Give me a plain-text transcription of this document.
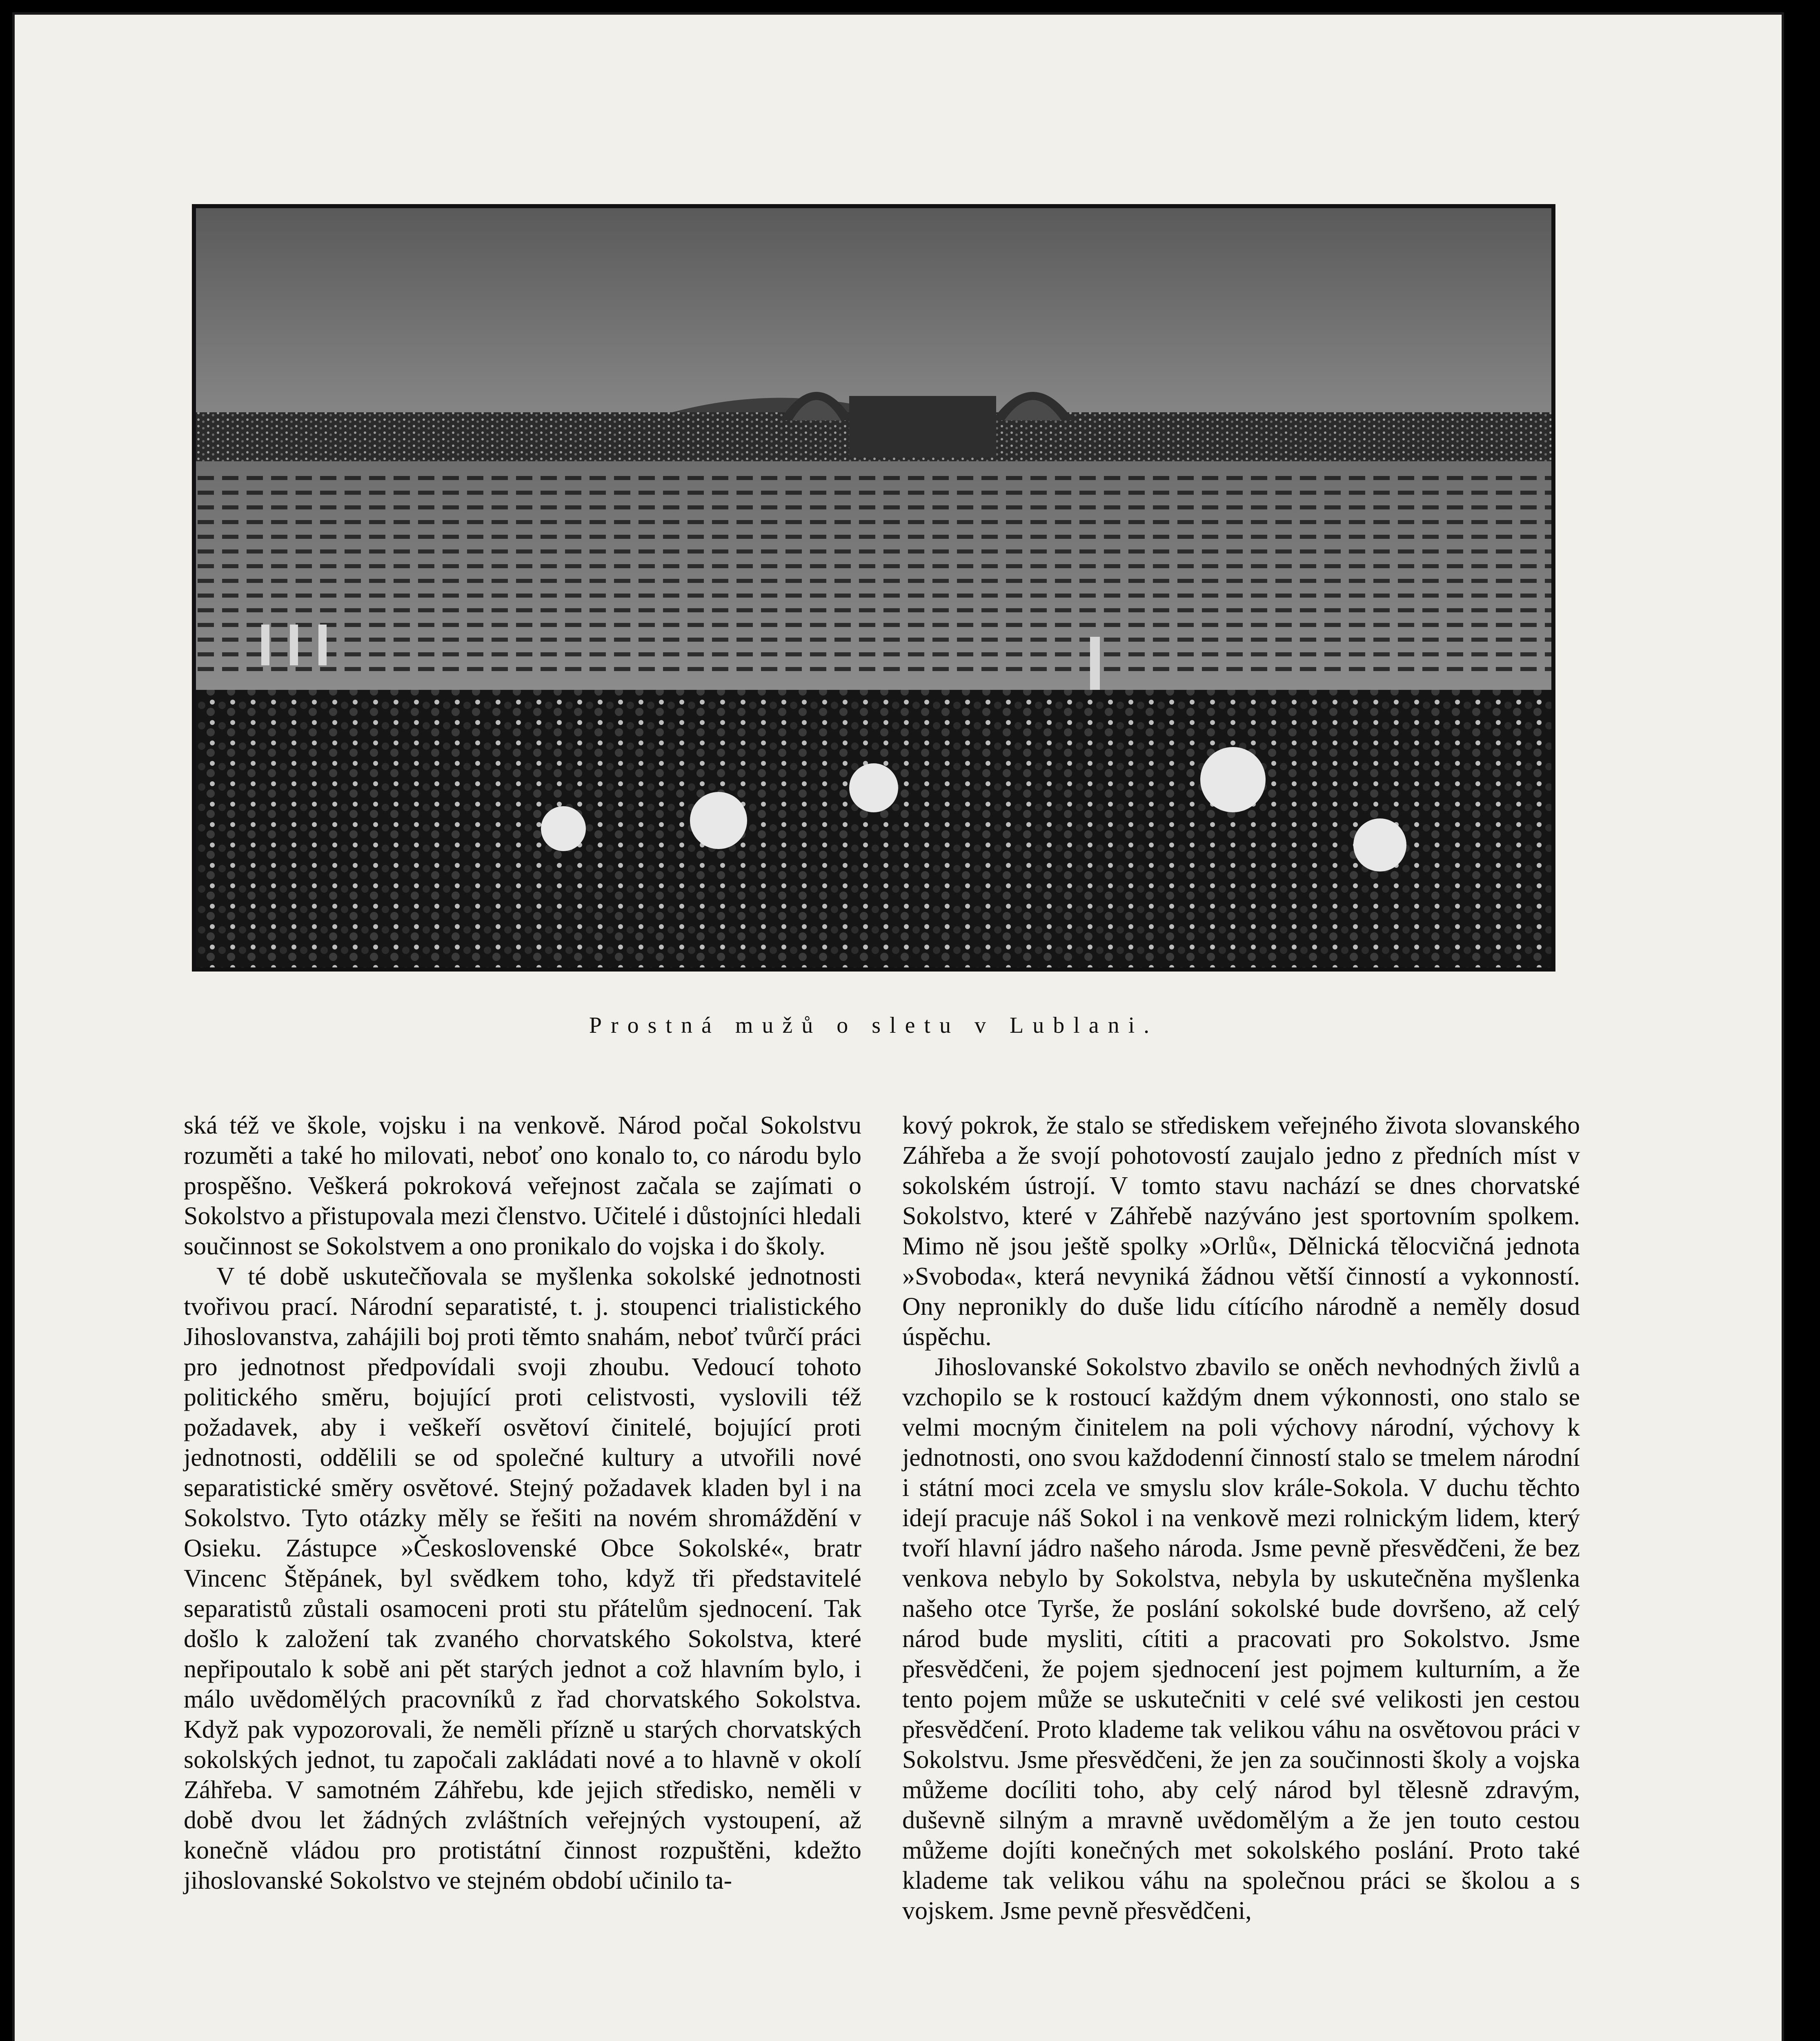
Prostná mužů o sletu v Lublani.

ská též ve škole, vojsku i na venkově. Národ počal Sokolstvu rozuměti a také ho milovati, neboť ono konalo to, co národu bylo prospěšno. Veškerá pokroková veřejnost začala se zajímati o Sokolstvo a přistupovala mezi členstvo. Učitelé i důstojníci hledali součinnost se Sokolstvem a ono pronikalo do vojska i do školy.

V té době uskutečňovala se myšlenka sokolské jednotnosti tvořivou prací. Národní separatisté, t. j. stoupenci trialistického Jihoslovanstva, zahájili boj proti těmto snahám, neboť tvůrčí práci pro jednotnost předpovídali svoji zhoubu. Vedoucí tohoto politického směru, bojující proti celistvosti, vyslovili též požadavek, aby i veškeří osvětoví činitelé, bojující proti jednotnosti, oddělili se od společné kultury a utvořili nové separatistické směry osvětové. Stejný požadavek kladen byl i na Sokolstvo. Tyto otázky měly se řešiti na novém shromáždění v Osieku. Zástupce »Československé Obce Sokolské«, bratr Vincenc Štěpánek, byl svědkem toho, když tři představitelé separatistů zůstali osamoceni proti stu přátelům sjednocení. Tak došlo k založení tak zvaného chorvatského Sokolstva, které nepřipoutalo k sobě ani pět starých jednot a což hlavním bylo, i málo uvědomělých pracovníků z řad chorvatského Sokolstva. Když pak vypozorovali, že neměli přízně u starých chorvatských sokolských jednot, tu započali zakládati nové a to hlavně v okolí Záhřeba. V samotném Záhřebu, kde jejich středisko, neměli v době dvou let žádných zvláštních veřejných vystoupení, až konečně vládou pro protistátní činnost rozpuštěni, kdežto jihoslovanské Sokolstvo ve stejném období učinilo ta-

kový pokrok, že stalo se střediskem veřejného života slovanského Záhřeba a že svojí pohotovostí zaujalo jedno z předních míst v sokolském ústrojí. V tomto stavu nachází se dnes chorvatské Sokolstvo, které v Záhřebě nazýváno jest sportovním spolkem. Mimo ně jsou ještě spolky »Orlů«, Dělnická tělocvičná jednota »Svoboda«, která nevyniká žádnou větší činností a vykonností. Ony nepronikly do duše lidu cítícího národně a neměly dosud úspěchu.

Jihoslovanské Sokolstvo zbavilo se oněch nevhodných živlů a vzchopilo se k rostoucí každým dnem výkonnosti, ono stalo se velmi mocným činitelem na poli výchovy národní, výchovy k jednotnosti, ono svou každodenní činností stalo se tmelem národní i státní moci zcela ve smyslu slov krále-Sokola. V duchu těchto idejí pracuje náš Sokol i na venkově mezi rolnickým lidem, který tvoří hlavní jádro našeho národa. Jsme pevně přesvědčeni, že bez venkova nebylo by Sokolstva, nebyla by uskutečněna myšlenka našeho otce Tyrše, že poslání sokolské bude dovršeno, až celý národ bude mysliti, cítiti a pracovati pro Sokolstvo. Jsme přesvědčeni, že pojem sjednocení jest pojmem kulturním, a že tento pojem může se uskutečniti v celé své velikosti jen cestou přesvědčení. Proto klademe tak velikou váhu na osvětovou práci v Sokolstvu. Jsme přesvědčeni, že jen za součinnosti školy a vojska můžeme docíliti toho, aby celý národ byl tělesně zdravým, duševně silným a mravně uvědomělým a že jen touto cestou můžeme dojíti konečných met sokolského poslání. Proto také klademe tak velikou váhu na společnou práci se školou a s vojskem. Jsme pevně přesvědčeni,
